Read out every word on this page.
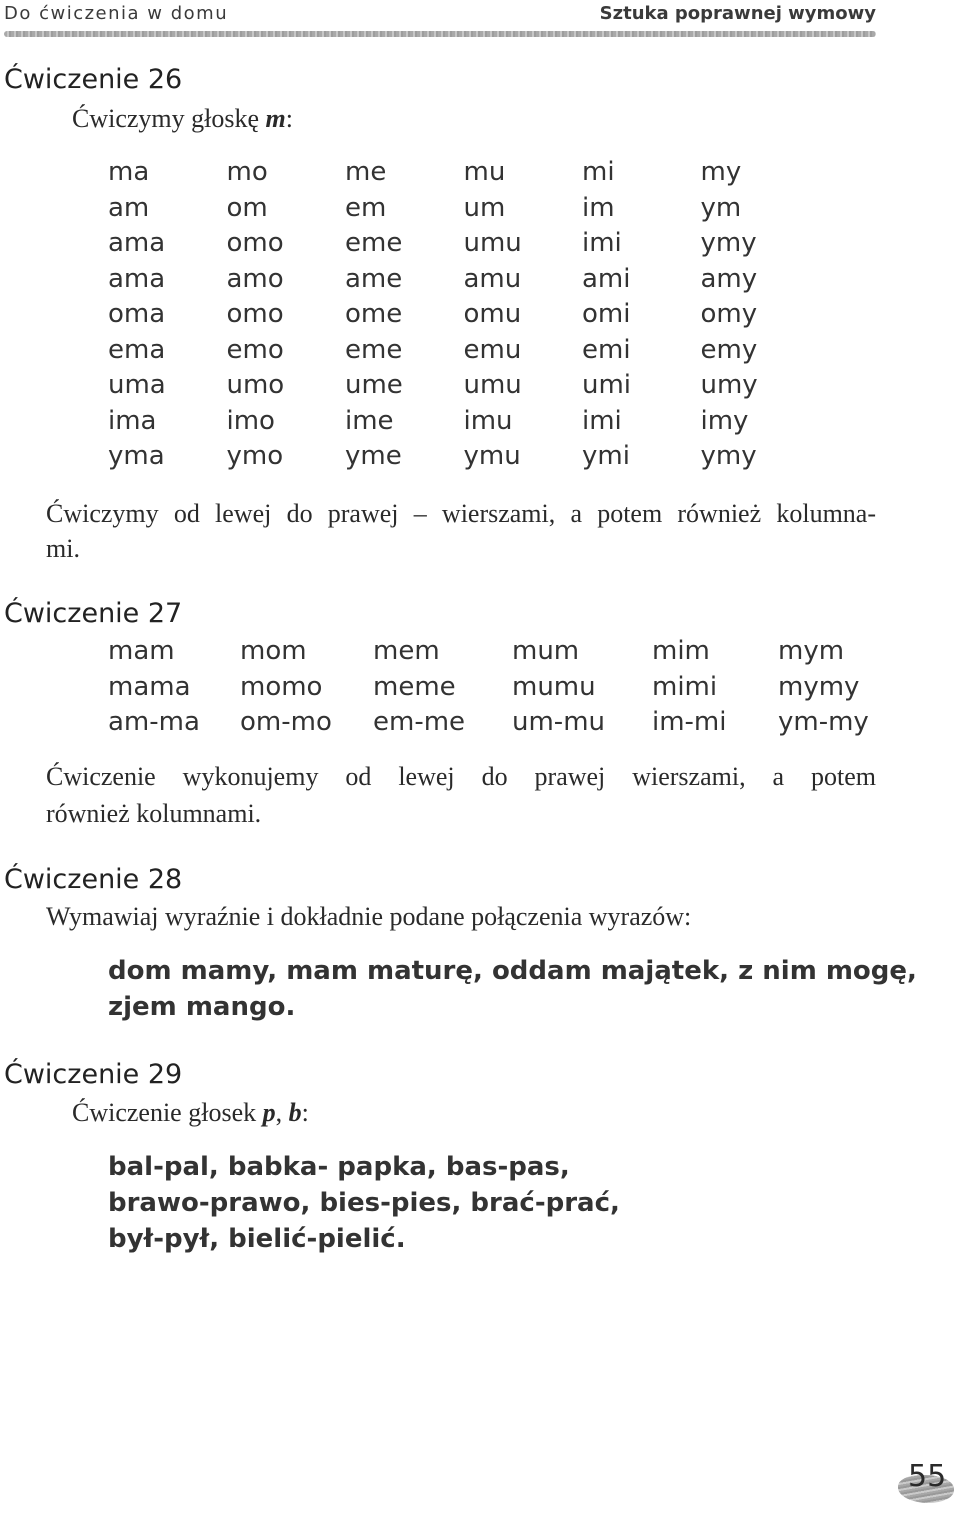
Do ćwiczenia w domu	Sztuka poprawnej wymowy
Ćwiczenie 26
Ćwiczymy głoskę m:
ma	mo	me	mu	mi	my
am	om	em	um	im	ym
ama	omo	eme	umu	imi	ymy
ama	amo	ame	amu	ami	amy
oma	omo	ome	omu	omi	omy
ema	emo	eme	emu	emi	emy
uma	umo	ume	umu	umi	umy
ima	imo	ime	imu	imi	imy
yma	ymo	yme	ymu	ymi	ymy
Ćwiczymy od lewej do prawej – wierszami, a potem również kolumna-
mi.
Ćwiczenie 27
mam	mom	mem	mum	mim	mym
mama	momo	meme	mumu	mimi	mymy
am-ma	om-mo	em-me	um-mu	im-mi	ym-my
Ćwiczenie wykonujemy od lewej do prawej wierszami, a potem
również kolumnami.
Ćwiczenie 28
Wymawiaj wyraźnie i dokładnie podane połączenia wyrazów:
dom mamy, mam maturę, oddam majątek, z nim mogę,
zjem mango.
Ćwiczenie 29
Ćwiczenie głosek p, b:
bal-pal, babka- papka, bas-pas,
brawo-prawo, bies-pies, brać-prać,
był-pył, bielić-pielić.
55
